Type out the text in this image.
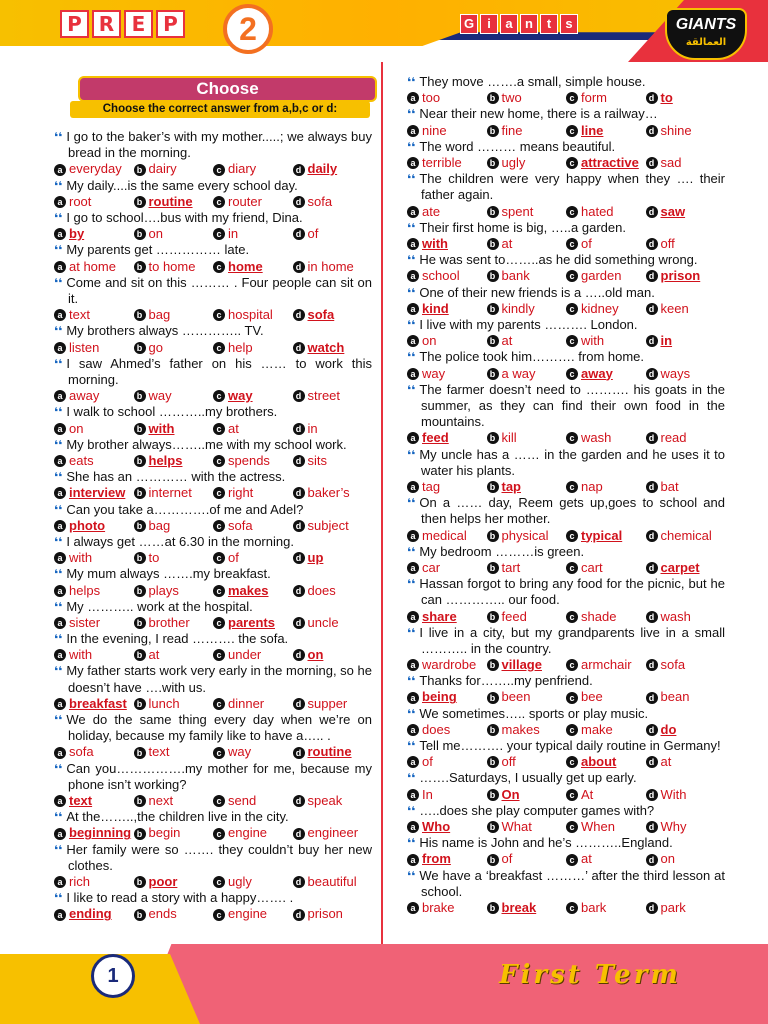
P R E P	2	G	i	a n	t	s	GIANTS
العمالقة
Choose
Choose the correct answer from a,b,c or d:
❛❛ I go to the baker’s with my mother.....; we always buy bread in the morning.
a everyday	b dairy	c diary	d daily
❛❛ My daily....is the same every school day.
a root	b routine	c router	d sofa
❛❛ I go to school….bus with my friend, Dina.
a by	b on	c in	d of
❛❛ My parents get …………… late.
a at home	b to home	c home	d in home
❛❛ Come and sit on this ……… . Four people can sit on it.
a text	b bag	c hospital	d sofa
❛❛ My brothers always ………….. TV.
a listen	b go	c help	d watch
❛❛ I saw Ahmed’s father on his …… to work this morning.
a away	b way	c way	d street
❛❛ I walk to school ………..my brothers.
a on	b with	c at	d in
❛❛ My brother always……..me with my school work.
a eats	b helps	c spends	d sits
❛❛ She has an ………… with the actress.
a interview	b internet	c right	d baker’s
❛❛ Can you take a………….of me and Adel?
a photo	b bag	c sofa	d subject
❛❛ I always get ……at 6.30 in the morning.
a with	b to	c of	d up
❛❛ My mum always …….my breakfast.
a helps	b plays	c makes	d does
❛❛ My ……….. work at the hospital.
a sister	b brother	c parents	d uncle
❛❛ In the evening, I read ………. the sofa.
a with	b at	c under	d on
❛❛ My father starts work very early in the morning, so he doesn’t have ….with us.
a breakfast	b lunch	c dinner	d supper
❛❛ We do the same thing every day when we’re on holiday, because my family like to have a….. .
a sofa	b text	c way	d routine
❛❛ Can you…………….my mother for me, because my phone isn’t working?
a text	b next	c send	d speak
❛❛ At the……..,the children live in the city.
a beginning b begin	c engine	d engineer
❛❛ Her family were so ……. they couldn’t buy her new clothes.
a rich	b poor	c ugly	d beautiful
❛❛ I like to read a story with a happy……. .
a ending	b ends	c engine	d prison
❛❛ They move …….a small, simple house.
a too	b two	c form	d to
❛❛ Near their new home, there is a railway…
a nine	b fine	c line	d shine
❛❛ The word ……… means beautiful.
a terrible	b ugly	c attractive	d sad
❛❛ The children were very happy when they …. their father again.
a ate	b spent	c hated	d saw
❛❛ Their first home is big, …..a garden.
a with	b at	c of	d off
❛❛ He was sent to……..as he did something wrong.
a school	b bank	c garden	d prison
❛❛ One of their new friends is a …..old man.
a kind	b kindly	c kidney	d keen
❛❛ I live with my parents ………. London.
a on	b at	c with	d in
❛❛ The police took him………. from home.
a way	b a way	c away	d ways
❛❛ The farmer doesn’t need to ………. his goats in the summer, as they can find their own food in the mountains.
a feed	b kill	c wash	d read
❛❛ My uncle has a …… in the garden and he uses it to water his plants.
a tag	b tap	c nap	d bat
❛❛ On a …… day, Reem gets up,goes to school and then helps her mother.
a medical	b physical	c typical	d chemical
❛❛ My bedroom ………is green.
a car	b tart	c cart	d carpet
❛❛ Hassan forgot to bring any food for the picnic, but he can ………….. our food.
a share	b feed	c shade	d wash
❛❛ I live in a city, but my grandparents live in a small ……….. in the country.
a wardrobe	b village	c armchair	d sofa
❛❛ Thanks for……..my penfriend.
a being	b been	c bee	d bean
❛❛ We sometimes….. sports or play music.
a does	b makes	c make	d do
❛❛ Tell me………. your typical daily routine in Germany!
a of	b off	c about	d at
❛❛ …….Saturdays, I usually get up early.
a In	b On	c At	d With
❛❛ …..does she play computer games with?
a Who	b What	c When	d Why
❛❛ His name is John and he’s ………..England.
a from	b of	c at	d on
❛❛ We have a ‘breakfast ………’ after the third lesson at school.
a brake	b break	c bark	d park
1	First Term
